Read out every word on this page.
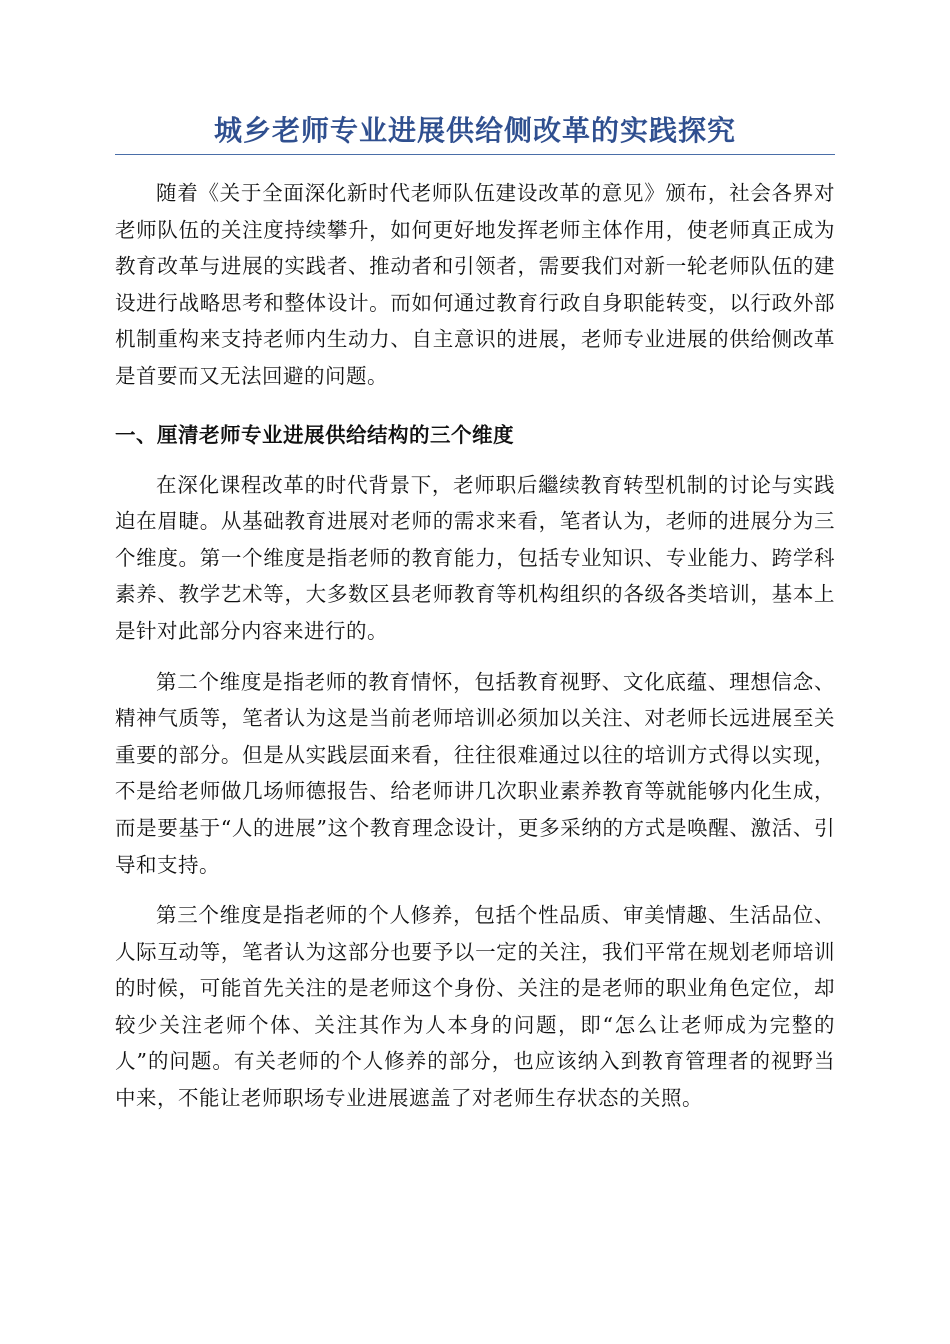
城乡老师专业进展供给侧改革的实践探究

随着《关于全面深化新时代老师队伍建设改革的意见》颁布，社会各界对老师队伍的关注度持续攀升，如何更好地发挥老师主体作用，使老师真正成为教育改革与进展的实践者、推动者和引领者，需要我们对新一轮老师队伍的建设进行战略思考和整体设计。而如何通过教育行政自身职能转变，以行政外部机制重构来支持老师内生动力、自主意识的进展，老师专业进展的供给侧改革是首要而又无法回避的问题。

一、厘清老师专业进展供给结构的三个维度

在深化课程改革的时代背景下，老师职后繼续教育转型机制的讨论与实践迫在眉睫。从基础教育进展对老师的需求来看，笔者认为，老师的进展分为三个维度。第一个维度是指老师的教育能力，包括专业知识、专业能力、跨学科素养、教学艺术等，大多数区县老师教育等机构组织的各级各类培训，基本上是针对此部分内容来进行的。

第二个维度是指老师的教育情怀，包括教育视野、文化底蕴、理想信念、精神气质等，笔者认为这是当前老师培训必须加以关注、对老师长远进展至关重要的部分。但是从实践层面来看，往往很难通过以往的培训方式得以实现，不是给老师做几场师德报告、给老师讲几次职业素养教育等就能够内化生成，而是要基于“人的进展”这个教育理念设计，更多采纳的方式是唤醒、激活、引导和支持。

第三个维度是指老师的个人修养，包括个性品质、审美情趣、生活品位、人际互动等，笔者认为这部分也要予以一定的关注，我们平常在规划老师培训的时候，可能首先关注的是老师这个身份、关注的是老师的职业角色定位，却较少关注老师个体、关注其作为人本身的问题，即“怎么让老师成为完整的人”的问题。有关老师的个人修养的部分，也应该纳入到教育管理者的视野当中来，不能让老师职场专业进展遮盖了对老师生存状态的关照。
